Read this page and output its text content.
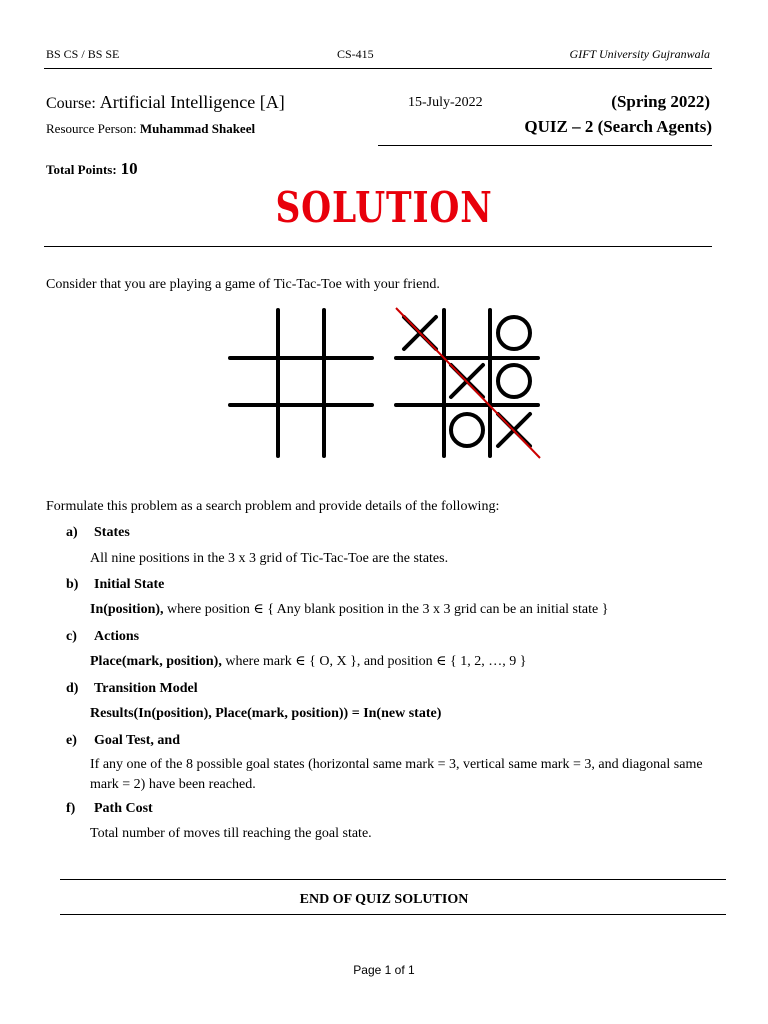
BS CS / BS SE	CS-415	GIFT University Gujranwala
Course: Artificial Intelligence [A]	15-July-2022	(Spring 2022)
Resource Person: Muhammad Shakeel	QUIZ – 2 (Search Agents)
Total Points: 10
SOLUTION
Consider that you are playing a game of Tic-Tac-Toe with your friend.
Formulate this problem as a search problem and provide details of the following:
a) States
All nine positions in the 3 x 3 grid of Tic-Tac-Toe are the states.
b) Initial State
In(position), where position ∈ { Any blank position in the 3 x 3 grid can be an initial state }
c) Actions
Place(mark, position), where mark ∈ { O, X }, and position ∈ { 1, 2, …, 9 }
d) Transition Model
Results(In(position), Place(mark, position)) = In(new state)
e) Goal Test, and
If any one of the 8 possible goal states (horizontal same mark = 3, vertical same mark = 3, and diagonal same mark = 2) have been reached.
f) Path Cost
Total number of moves till reaching the goal state.
END OF QUIZ SOLUTION
Page 1 of 1
